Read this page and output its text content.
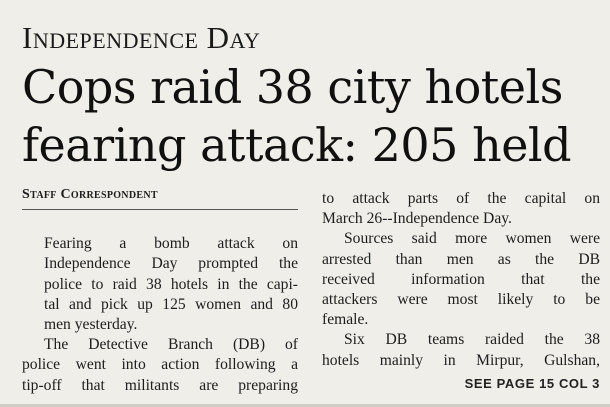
Independence Day
Cops raid 38 city hotels
fearing attack: 205 held
Staff Correspondent

Fearing a bomb attack on
Independence Day prompted the
police to raid 38 hotels in the capi-
tal and pick up 125 women and 80
men yesterday.

The Detective Branch (DB) of
police went into action following a
tip-off that militants are preparing

to attack parts of the capital on
March 26--Independence Day.

Sources said more women were
arrested than men as the DB
received information that the
attackers were most likely to be
female.

Six DB teams raided the 38
hotels mainly in Mirpur, Gulshan,

SEE PAGE 15 COL 3
